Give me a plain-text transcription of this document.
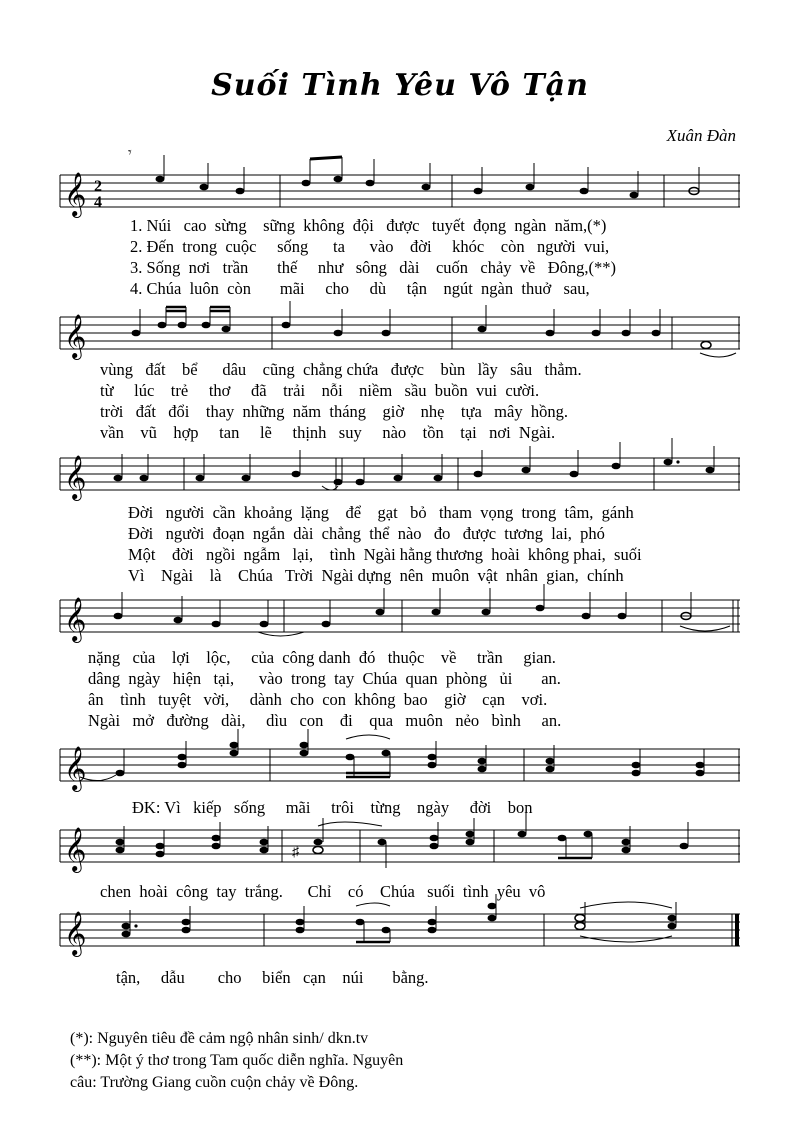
Suối Tình Yêu Vô Tận
Xuân Đàn
𝄞 2
4
𝄾

1. Núi   cao  sừng    sững  không  đội   được   tuyết  đọng  ngàn  năm,(*)

2. Đến  trong  cuộc     sống      ta      vào    đời     khóc    còn   người  vui,

3. Sống  nơi   trần       thế     như   sông   dài    cuốn   chảy  về   Đông,(**)

4. Chúa  luôn  còn       mãi     cho     dù     tận    ngút  ngàn  thuở   sau,

𝄞

vùng   đất    bể      dâu    cũng  chẳng chứa   được    bùn   lầy   sâu   thẳm.

từ     lúc    trẻ     thơ     đã    trải    nỗi    niềm   sầu  buồn  vui  cười.

trời   đất   đổi    thay  những  năm  tháng    giờ    nhẹ    tựa   mây  hồng.

vần    vũ    hợp     tan     lẽ     thịnh   suy     nào    tồn    tại   nơi  Ngài.

𝄞

Đời   người  cần  khoảng  lặng    để    gạt   bỏ   tham  vọng  trong  tâm,  gánh

Đời   người  đoạn  ngắn  dài  chẳng  thể  nào   đo   được  tương  lai,  phó

Một    đời   ngồi  ngẫm   lại,    tình  Ngài hằng thương  hoài  không phai,  suối

Vì    Ngài    là    Chúa   Trời  Ngài dựng  nên  muôn  vật  nhân  gian,  chính

𝄞

nặng   của    lợi    lộc,     của  công danh  đó   thuộc    về     trần     gian.

dâng  ngày   hiện   tại,      vào  trong  tay  Chúa  quan  phòng   ủi       an.

ân    tình   tuyệt   vời,     dành  cho  con  không  bao    giờ    cạn    vơi.

Ngài   mở   đường   dài,     dìu   con    đi    qua   muôn   nẻo   bình     an.

𝄞

ĐK: Vì   kiếp   sống     mãi     trôi    từng    ngày     đời    bon

𝄞	♯

chen  hoài  công  tay  trắng.      Chỉ    có    Chúa   suối  tình  yêu  vô

𝄞

tận,     dẫu        cho     biển   cạn    núi       bằng.

(*): Nguyên tiêu đề cảm ngộ nhân sinh/ dkn.tv
(**): Một ý thơ trong Tam quốc diễn nghĩa. Nguyên
câu: Trường Giang cuồn cuộn chảy về Đông.
